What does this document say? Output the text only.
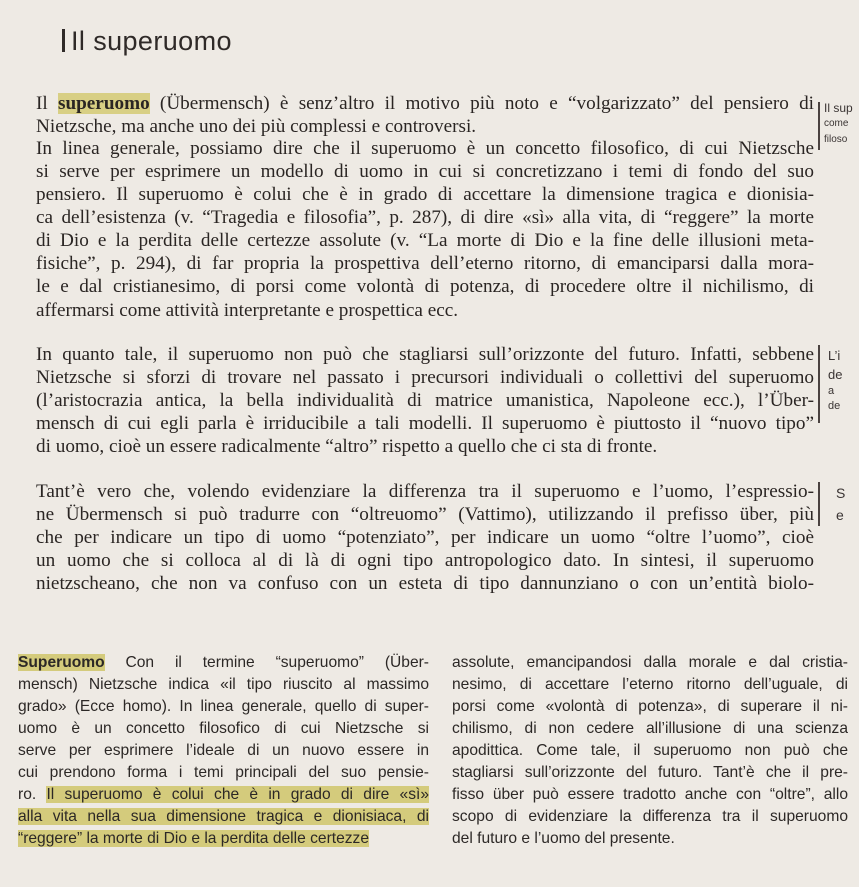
Il superuomo
Il superuomo (Übermensch) è senz’altro il motivo più noto e “volgarizzato” del pensiero di
Nietzsche, ma anche uno dei più complessi e controversi.
In linea generale, possiamo dire che il superuomo è un concetto filosofico, di cui Nietzsche
si serve per esprimere un modello di uomo in cui si concretizzano i temi di fondo del suo
pensiero. Il superuomo è colui che è in grado di accettare la dimensione tragica e dionisia-
ca dell’esistenza (v. “Tragedia e filosofia”, p. 287), di dire «sì» alla vita, di “reggere” la morte
di Dio e la perdita delle certezze assolute (v. “La morte di Dio e la fine delle illusioni meta-
fisiche”, p. 294), di far propria la prospettiva dell’eterno ritorno, di emanciparsi dalla mora-
le e dal cristianesimo, di porsi come volontà di potenza, di procedere oltre il nichilismo, di
affermarsi come attività interpretante e prospettica ecc.
In quanto tale, il superuomo non può che stagliarsi sull’orizzonte del futuro. Infatti, sebbene
Nietzsche si sforzi di trovare nel passato i precursori individuali o collettivi del superuomo
(l’aristocrazia antica, la bella individualità di matrice umanistica, Napoleone ecc.), l’Über-
mensch di cui egli parla è irriducibile a tali modelli. Il superuomo è piuttosto il “nuovo tipo”
di uomo, cioè un essere radicalmente “altro” rispetto a quello che ci sta di fronte.
Tant’è vero che, volendo evidenziare la differenza tra il superuomo e l’uomo, l’espressio-
ne Übermensch si può tradurre con “oltreuomo” (Vattimo), utilizzando il prefisso über, più
che per indicare un tipo di uomo “potenziato”, per indicare un uomo “oltre l’uomo”, cioè
un uomo che si colloca al di là di ogni tipo antropologico dato. In sintesi, il superuomo
nietzscheano, che non va confuso con un esteta di tipo dannunziano o con un’entità biolo-
Il sup
come
filoso
L’i
de
a
de
S
e
Superuomo Con il termine “superuomo” (Über-
mensch) Nietzsche indica «il tipo riuscito al massimo
grado» (Ecce homo). In linea generale, quello di super-
uomo è un concetto filosofico di cui Nietzsche si
serve per esprimere l’ideale di un nuovo essere in
cui prendono forma i temi principali del suo pensie-
ro. Il superuomo è colui che è in grado di dire «sì»
alla vita nella sua dimensione tragica e dionisiaca, di
“reggere” la morte di Dio e la perdita delle certezze
assolute, emancipandosi dalla morale e dal cristia-
nesimo, di accettare l’eterno ritorno dell’uguale, di
porsi come «volontà di potenza», di superare il ni-
chilismo, di non cedere all’illusione di una scienza
apodittica. Come tale, il superuomo non può che
stagliarsi sull’orizzonte del futuro. Tant’è che il pre-
fisso über può essere tradotto anche con “oltre”, allo
scopo di evidenziare la differenza tra il superuomo
del futuro e l’uomo del presente.
